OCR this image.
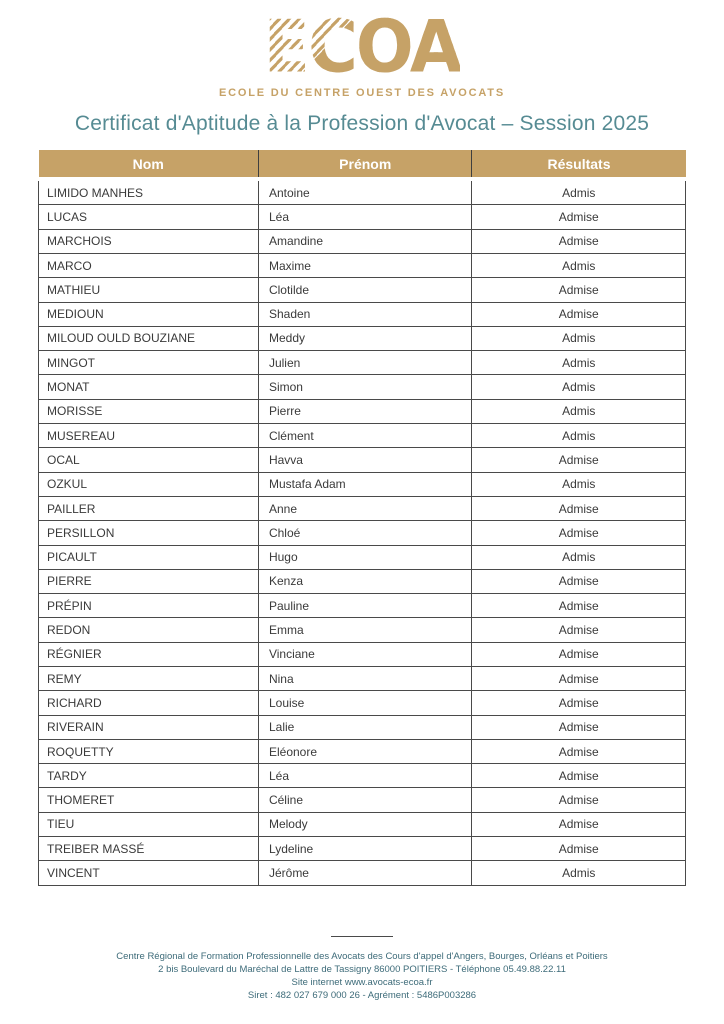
ECOA
ECOLE DU CENTRE OUEST DES AVOCATS
Certificat d'Aptitude à la Profession d'Avocat – Session 2025
Nom	Prénom	Résultats
LIMIDO MANHES	Antoine	Admis
LUCAS	Léa	Admise
MARCHOIS	Amandine	Admise
MARCO	Maxime	Admis
MATHIEU	Clotilde	Admise
MEDIOUN	Shaden	Admise
MILOUD OULD BOUZIANE	Meddy	Admis
MINGOT	Julien	Admis
MONAT	Simon	Admis
MORISSE	Pierre	Admis
MUSEREAU	Clément	Admis
OCAL	Havva	Admise
OZKUL	Mustafa Adam	Admis
PAILLER	Anne	Admise
PERSILLON	Chloé	Admise
PICAULT	Hugo	Admis
PIERRE	Kenza	Admise
PRÉPIN	Pauline	Admise
REDON	Emma	Admise
RÉGNIER	Vinciane	Admise
REMY	Nina	Admise
RICHARD	Louise	Admise
RIVERAIN	Lalie	Admise
ROQUETTY	Eléonore	Admise
TARDY	Léa	Admise
THOMERET	Céline	Admise
TIEU	Melody	Admise
TREIBER MASSÉ	Lydeline	Admise
VINCENT	Jérôme	Admis
Centre Régional de Formation Professionnelle des Avocats des Cours d'appel d'Angers, Bourges, Orléans et Poitiers
2 bis Boulevard du Maréchal de Lattre de Tassigny 86000 POITIERS - Téléphone 05.49.88.22.11
Site internet www.avocats-ecoa.fr
Siret : 482 027 679 000 26 - Agrément : 5486P003286
